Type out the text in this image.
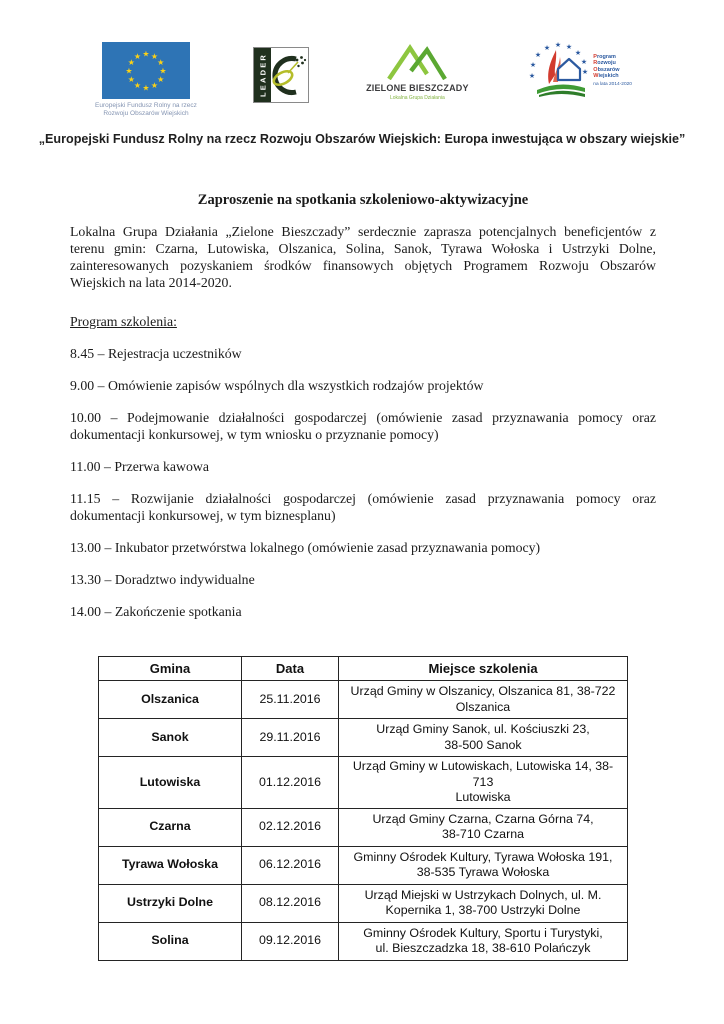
★ ★
★
★
★
★
★
★
★
★
★
★
Europejski Fundusz Rolny na rzecz
Rozwoju Obszarów Wiejskich
LEADER	ZIELONE BIESZCZADY
Lokalna Grupa Działania
★
★
★
★ ★ ★
★
★
★
Program
Rozwoju
Obszarów
Wiejskich
na lata 2014-2020
„Europejski Fundusz Rolny na rzecz Rozwoju Obszarów Wiejskich: Europa inwestująca w obszary wiejskie”
Zaproszenie na spotkania szkoleniowo-aktywizacyjne

Lokalna Grupa Działania „Zielone Bieszczady” serdecznie zaprasza potencjalnych beneficjentów z terenu gmin: Czarna, Lutowiska, Olszanica, Solina, Sanok, Tyrawa Wołoska i Ustrzyki Dolne, zainteresowanych pozyskaniem środków finansowych objętych Programem Rozwoju Obszarów Wiejskich na lata 2014-2020.

Program szkolenia:

8.45 – Rejestracja uczestników

9.00 – Omówienie zapisów wspólnych dla wszystkich rodzajów projektów

10.00 – Podejmowanie działalności gospodarczej (omówienie zasad przyznawania pomocy oraz dokumentacji konkursowej, w tym wniosku o przyznanie pomocy)

11.00 – Przerwa kawowa

11.15 – Rozwijanie działalności gospodarczej (omówienie zasad przyznawania pomocy oraz dokumentacji konkursowej, w tym biznesplanu)

13.00 – Inkubator przetwórstwa lokalnego (omówienie zasad przyznawania pomocy)

13.30 – Doradztwo indywidualne

14.00 – Zakończenie spotkania

Gmina	Data	Miejsce szkolenia
Olszanica	25.11.2016	Urząd Gminy w Olszanicy, Olszanica 81, 38-722
Olszanica

Sanok	29.11.2016	Urząd Gminy Sanok, ul. Kościuszki 23,
38-500 Sanok

Lutowiska	01.12.2016	Urząd Gminy w Lutowiskach, Lutowiska 14, 38-713
Lutowiska

Czarna	02.12.2016	Urząd Gminy Czarna, Czarna Górna 74,
38-710 Czarna

Tyrawa Wołoska	06.12.2016	Gminny Ośrodek Kultury, Tyrawa Wołoska 191,
38-535 Tyrawa Wołoska

Ustrzyki Dolne	08.12.2016	Urząd Miejski w Ustrzykach Dolnych, ul. M.
Kopernika 1, 38-700 Ustrzyki Dolne

Solina	09.12.2016	Gminny Ośrodek Kultury, Sportu i Turystyki,
ul. Bieszczadzka 18, 38-610 Polańczyk
